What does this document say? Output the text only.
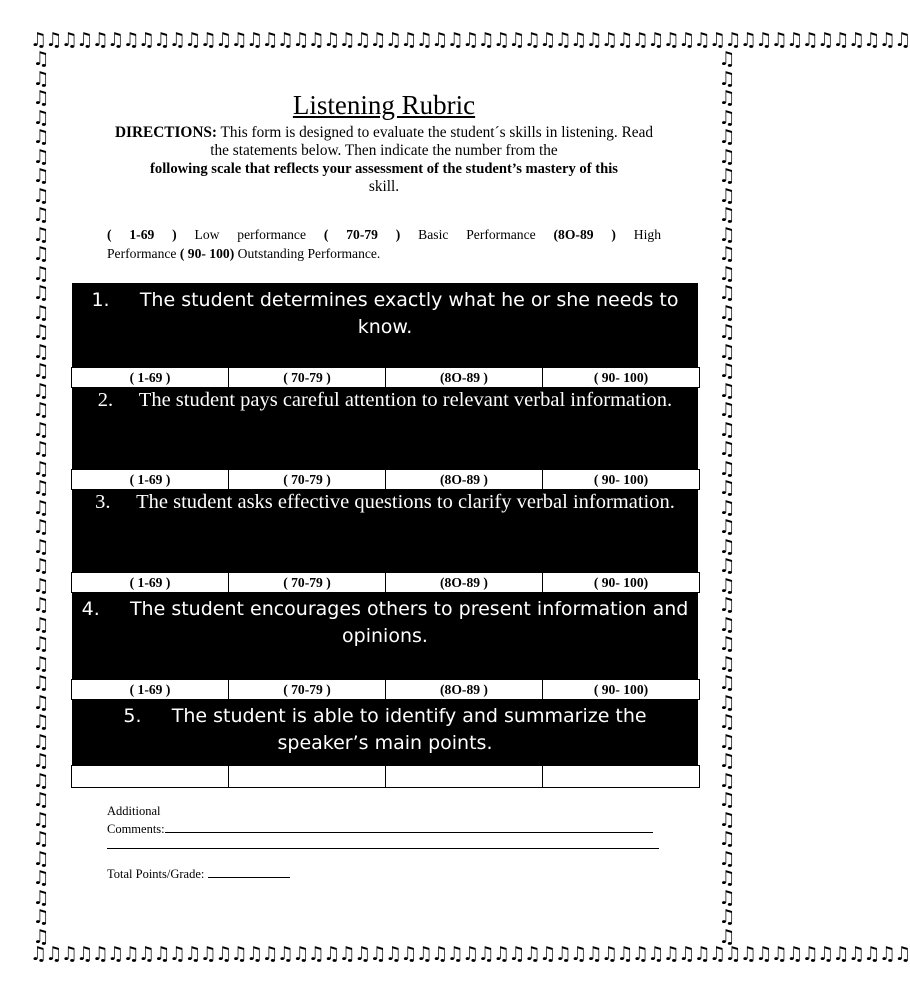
♫♫♫♫♫♫♫♫♫♫♫♫♫♫♫♫♫♫♫♫♫♫♫♫♫♫♫♫♫♫♫♫♫♫♫♫♫♫♫♫♫♫♫♫♫♫♫♫♫♫♫♫♫♫♫♫♫
♫♫♫♫♫♫♫♫♫♫♫♫♫♫♫♫♫♫♫♫♫♫♫♫♫♫♫♫♫♫♫♫♫♫♫♫♫♫♫♫♫♫♫♫♫♫♫♫♫♫♫♫♫♫♫♫♫
♫♫♫♫♫♫♫♫♫♫♫♫♫♫♫♫♫♫♫♫♫♫♫♫♫♫♫♫♫♫♫♫♫♫♫♫♫♫♫♫♫♫♫♫♫♫
♫♫♫♫♫♫♫♫♫♫♫♫♫♫♫♫♫♫♫♫♫♫♫♫♫♫♫♫♫♫♫♫♫♫♫♫♫♫♫♫♫♫♫♫♫♫
Listening Rubric
DIRECTIONS: This form is designed to evaluate the student´s skills in listening. Read the statements below. Then indicate the number from the
following scale that reflects your assessment of the student’s mastery of this
skill.
( 1-69 ) Low performance ( 70-79 ) Basic Performance (8O-89 ) High
Performance ( 90- 100) Outstanding Performance.
1. The student determines exactly what he or she needs to know.
( 1-69 )	( 70-79 )	(8O-89 )	( 90- 100)
2. The student pays careful attention to relevant verbal information.
( 1-69 )	( 70-79 )	(8O-89 )	( 90- 100)
3. The student asks effective questions to clarify verbal information.
( 1-69 )	( 70-79 )	(8O-89 )	( 90- 100)
4. The student encourages others to present information and opinions.
( 1-69 )	( 70-79 )	(8O-89 )	( 90- 100)
5. The student is able to identify and summarize the speaker’s main points.
Additional
Comments:
Total Points/Grade:
